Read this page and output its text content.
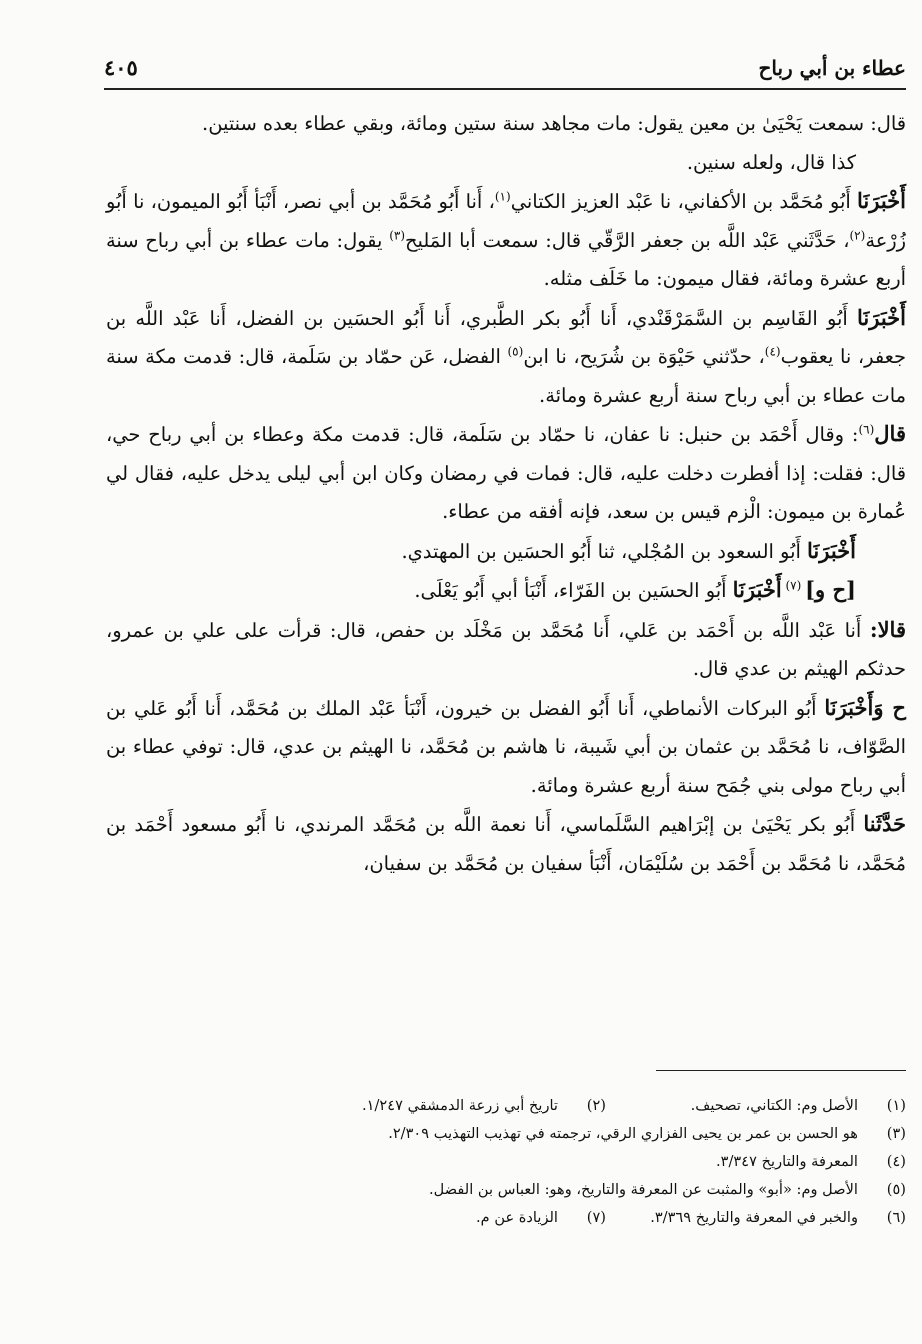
عطاء بن أبي رباح
٤٠٥

قال: سمعت يَحْيَىٰ بن معين يقول: مات مجاهد سنة ستين ومائة، وبقي عطاء بعده سنتين.

كذا قال، ولعله سنين.

أَخْبَرَنَا أَبُو مُحَمَّد بن الأكفاني، نا عَبْد العزيز الكتاني$^{(١)}$، أَنا أَبُو مُحَمَّد بن أبي نصر، أَنْبَأ أَبُو الميمون، نا أَبُو زُرْعة$^{(٢)}$، حَدَّثَني عَبْد اللَّه بن جعفر الرَّقّي قال: سمعت أبا المَليح$^{(٣)}$ يقول: مات عطاء بن أبي رباح سنة أربع عشرة ومائة، فقال ميمون: ما خَلَف مثله.

أَخْبَرَنَا أَبُو القَاسِم بن السَّمَرْقَنْدي، أَنا أَبُو بكر الطَّبري، أَنا أَبُو الحسَين بن الفضل، أَنا عَبْد اللَّه بن جعفر، نا يعقوب$^{(٤)}$، حدّثني حَيْوَة بن شُرَيح، نا ابن$^{(٥)}$ الفضل، عَن حمّاد بن سَلَمة، قال: قدمت مكة سنة مات عطاء بن أبي رباح سنة أربع عشرة ومائة.

قال$^{(٦)}$: وقال أَحْمَد بن حنبل: نا عفان، نا حمّاد بن سَلَمة، قال: قدمت مكة وعطاء بن أبي رباح حي، قال: فقلت: إذا أفطرت دخلت عليه، قال: فمات في رمضان وكان ابن أبي ليلى يدخل عليه، فقال لي عُمارة بن ميمون: الْزم قيس بن سعد، فإنه أفقه من عطاء.

أَخْبَرَنَا أَبُو السعود بن المُجْلي، ثنا أَبُو الحسَين بن المهتدي.

[ح و] $^{(٧)}$ أَخْبَرَنَا أَبُو الحسَين بن الفَرّاء، أَنْبَأ أبي أَبُو يَعْلَى.

قالا: أَنا عَبْد اللَّه بن أَحْمَد بن عَلي، أَنا مُحَمَّد بن مَخْلَد بن حفص، قال: قرأت على علي بن عمرو، حدثكم الهيثم بن عدي قال.

ح وَأَخْبَرَنَا أَبُو البركات الأنماطي، أَنا أَبُو الفضل بن خيرون، أَنْبَأ عَبْد الملك بن مُحَمَّد، أَنا أَبُو عَلي بن الصَّوّاف، نا مُحَمَّد بن عثمان بن أبي شَيبة، نا هاشم بن مُحَمَّد، نا الهيثم بن عدي، قال: توفي عطاء بن أبي رباح مولى بني جُمَح سنة أربع عشرة ومائة.

حَدَّثَنا أَبُو بكر يَحْيَىٰ بن إبْرَاهيم السَّلَماسي، أَنا نعمة اللَّه بن مُحَمَّد المرندي، نا أَبُو مسعود أَحْمَد بن مُحَمَّد، نا مُحَمَّد بن أَحْمَد بن سُلَيْمَان، أَنْبَأ سفيان بن مُحَمَّد بن سفيان،

(١)
الأصل وم: الكتاني، تصحيف.
(٢)
تاريخ أبي زرعة الدمشقي ١/٢٤٧.
(٣)
هو الحسن بن عمر بن يحيى الفزاري الرقي، ترجمته في تهذيب التهذيب ٢/٣٠٩.
(٤)
المعرفة والتاريخ ٣/٣٤٧.
(٥)
الأصل وم: «أبو» والمثبت عن المعرفة والتاريخ، وهو: العباس بن الفضل.
(٦)
والخبر في المعرفة والتاريخ ٣/٣٦٩.
(٧)
الزيادة عن م.
